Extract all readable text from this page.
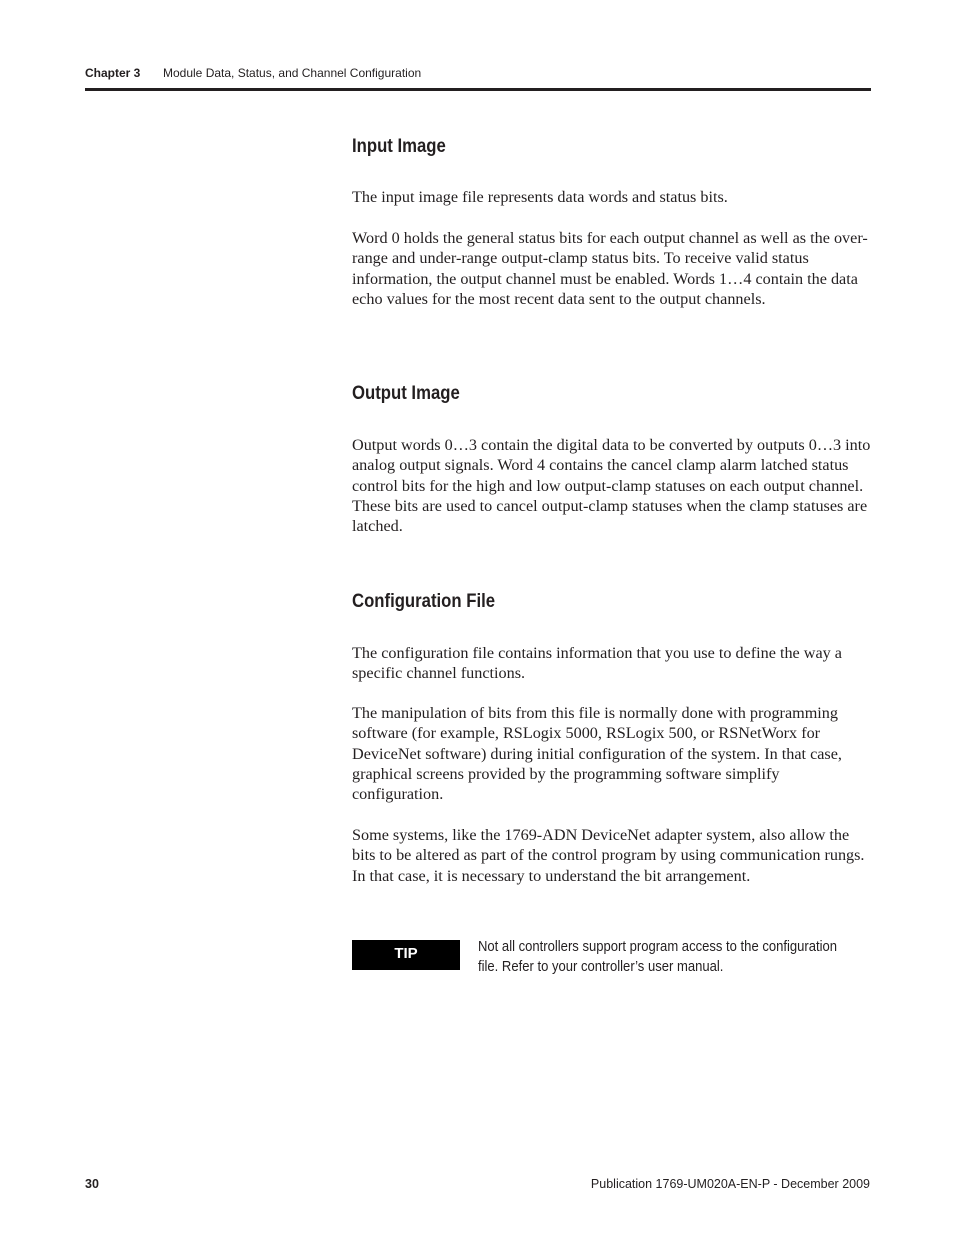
Chapter 3 Module Data, Status, and Channel Configuration
Input Image

The input image file represents data words and status bits.

Word 0 holds the general status bits for each output channel as well as the over-range and under-range output-clamp status bits. To receive valid status information, the output channel must be enabled. Words 1…4 contain the data echo values for the most recent data sent to the output channels.

Output Image

Output words 0…3 contain the digital data to be converted by outputs 0…3 into analog output signals. Word 4 contains the cancel clamp alarm latched status control bits for the high and low output-clamp statuses on each output channel. These bits are used to cancel output-clamp statuses when the clamp statuses are latched.

Configuration File

The configuration file contains information that you use to define the way a specific channel functions.

The manipulation of bits from this file is normally done with programming software (for example, RSLogix 5000, RSLogix 500, or RSNetWorx for DeviceNet software) during initial configuration of the system. In that case, graphical screens provided by the programming software simplify configuration.

Some systems, like the 1769-ADN DeviceNet adapter system, also allow the bits to be altered as part of the control program by using communication rungs. In that case, it is necessary to understand the bit arrangement.

TIP	Not all controllers support program access to the configuration file. Refer to your controller’s user manual.
30	Publication 1769-UM020A-EN-P - December 2009
